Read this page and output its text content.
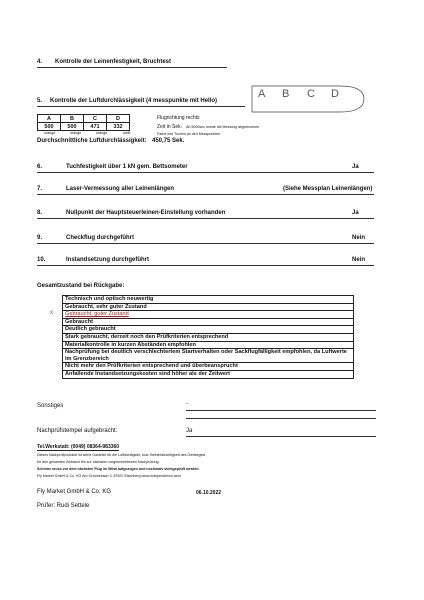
4. Kontrolle der Leinenfestigkeit, Bruchtest
5. Kontrolle der Luftdurchlässigkeit (4 messpunkte mit Hello)
A	B	C	D
500	500	471	332
orange	orange	orange	weiß
Flugrichtung rechts
Zeit in Sek. Ab 5000sec wurde die Messung abgebrochen
Farbe des Tuches an den Messpunkten
Durchschnittliche Luftdurchlässigkeit: 450,75 Sek.
A B C D
6.	Tuchfestigkeit über 1 kN gem. Bettsometer	Ja
7.	Laser-Vermessung aller Leinenlängen	(Siehe Messplan Leinenlängen)
8.	Nullpunkt der Hauptsteuerleinen-Einstellung vorhanden	Ja
9.	Checkflug durchgeführt	Nein
10.	Instandsetzung durchgeführt	Nein
Gesamtzustand bei Rückgabe:
x
Technisch und optisch neuwertig
Gebraucht, sehr guter Zustand
Gebraucht, guter Zustand
Gebraucht
Deutlich gebraucht
Stark gebraucht, derzeit noch den Prüfkriterien entsprechend
Materialkontrolle in kurzen Abständen empfohlen
Nachprüfung bei deutlich verschlechtertem Startverhalten oder Sackflugfälligkeit empfohlen, da Luftwerte im Grenzbereich
Nicht mehr den Prüfkriterien entsprechend und überbeansprucht
Anfallende Instandsetzungskosten sind höher als der Zeitwert
Sonstiges	-
Nachprüfstempel aufgebracht:	Ja
Tel.Werkstatt: (0049) 08364-983360
Dieses Nachprüfprotokoll ist keine Garantie für die Luftdichtigkeit, bzw. Betriebstüchtigkeit des Gleitsegels
für den gesamten Zeitraum bis zur nächsten vorgeschriebenen Nachprüfung.
Schirme muss vor dem nächsten Flug im Wind aufgezogen und nochmals sichtgeprüft werden.
Fly Market GmbH & Co. KG Am Schönebach 3, 87637 Eisenberg www.independence.aero
Fly Market GmbH & Co. KG	06.10.2022
Prüfer: Rudi Settele
